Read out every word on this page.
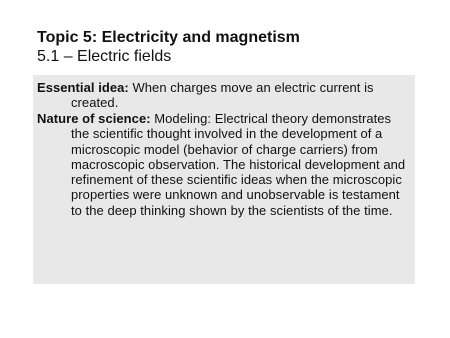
Topic 5: Electricity and magnetism
5.1 – Electric fields
Essential idea: When charges move an electric current is created.
Nature of science: Modeling: Electrical theory demonstrates the scientific thought involved in the development of a microscopic model (behavior of charge carriers) from macroscopic observation. The historical development and refinement of these scientific ideas when the microscopic properties were unknown and unobservable is testament to the deep thinking shown by the scientists of the time.
